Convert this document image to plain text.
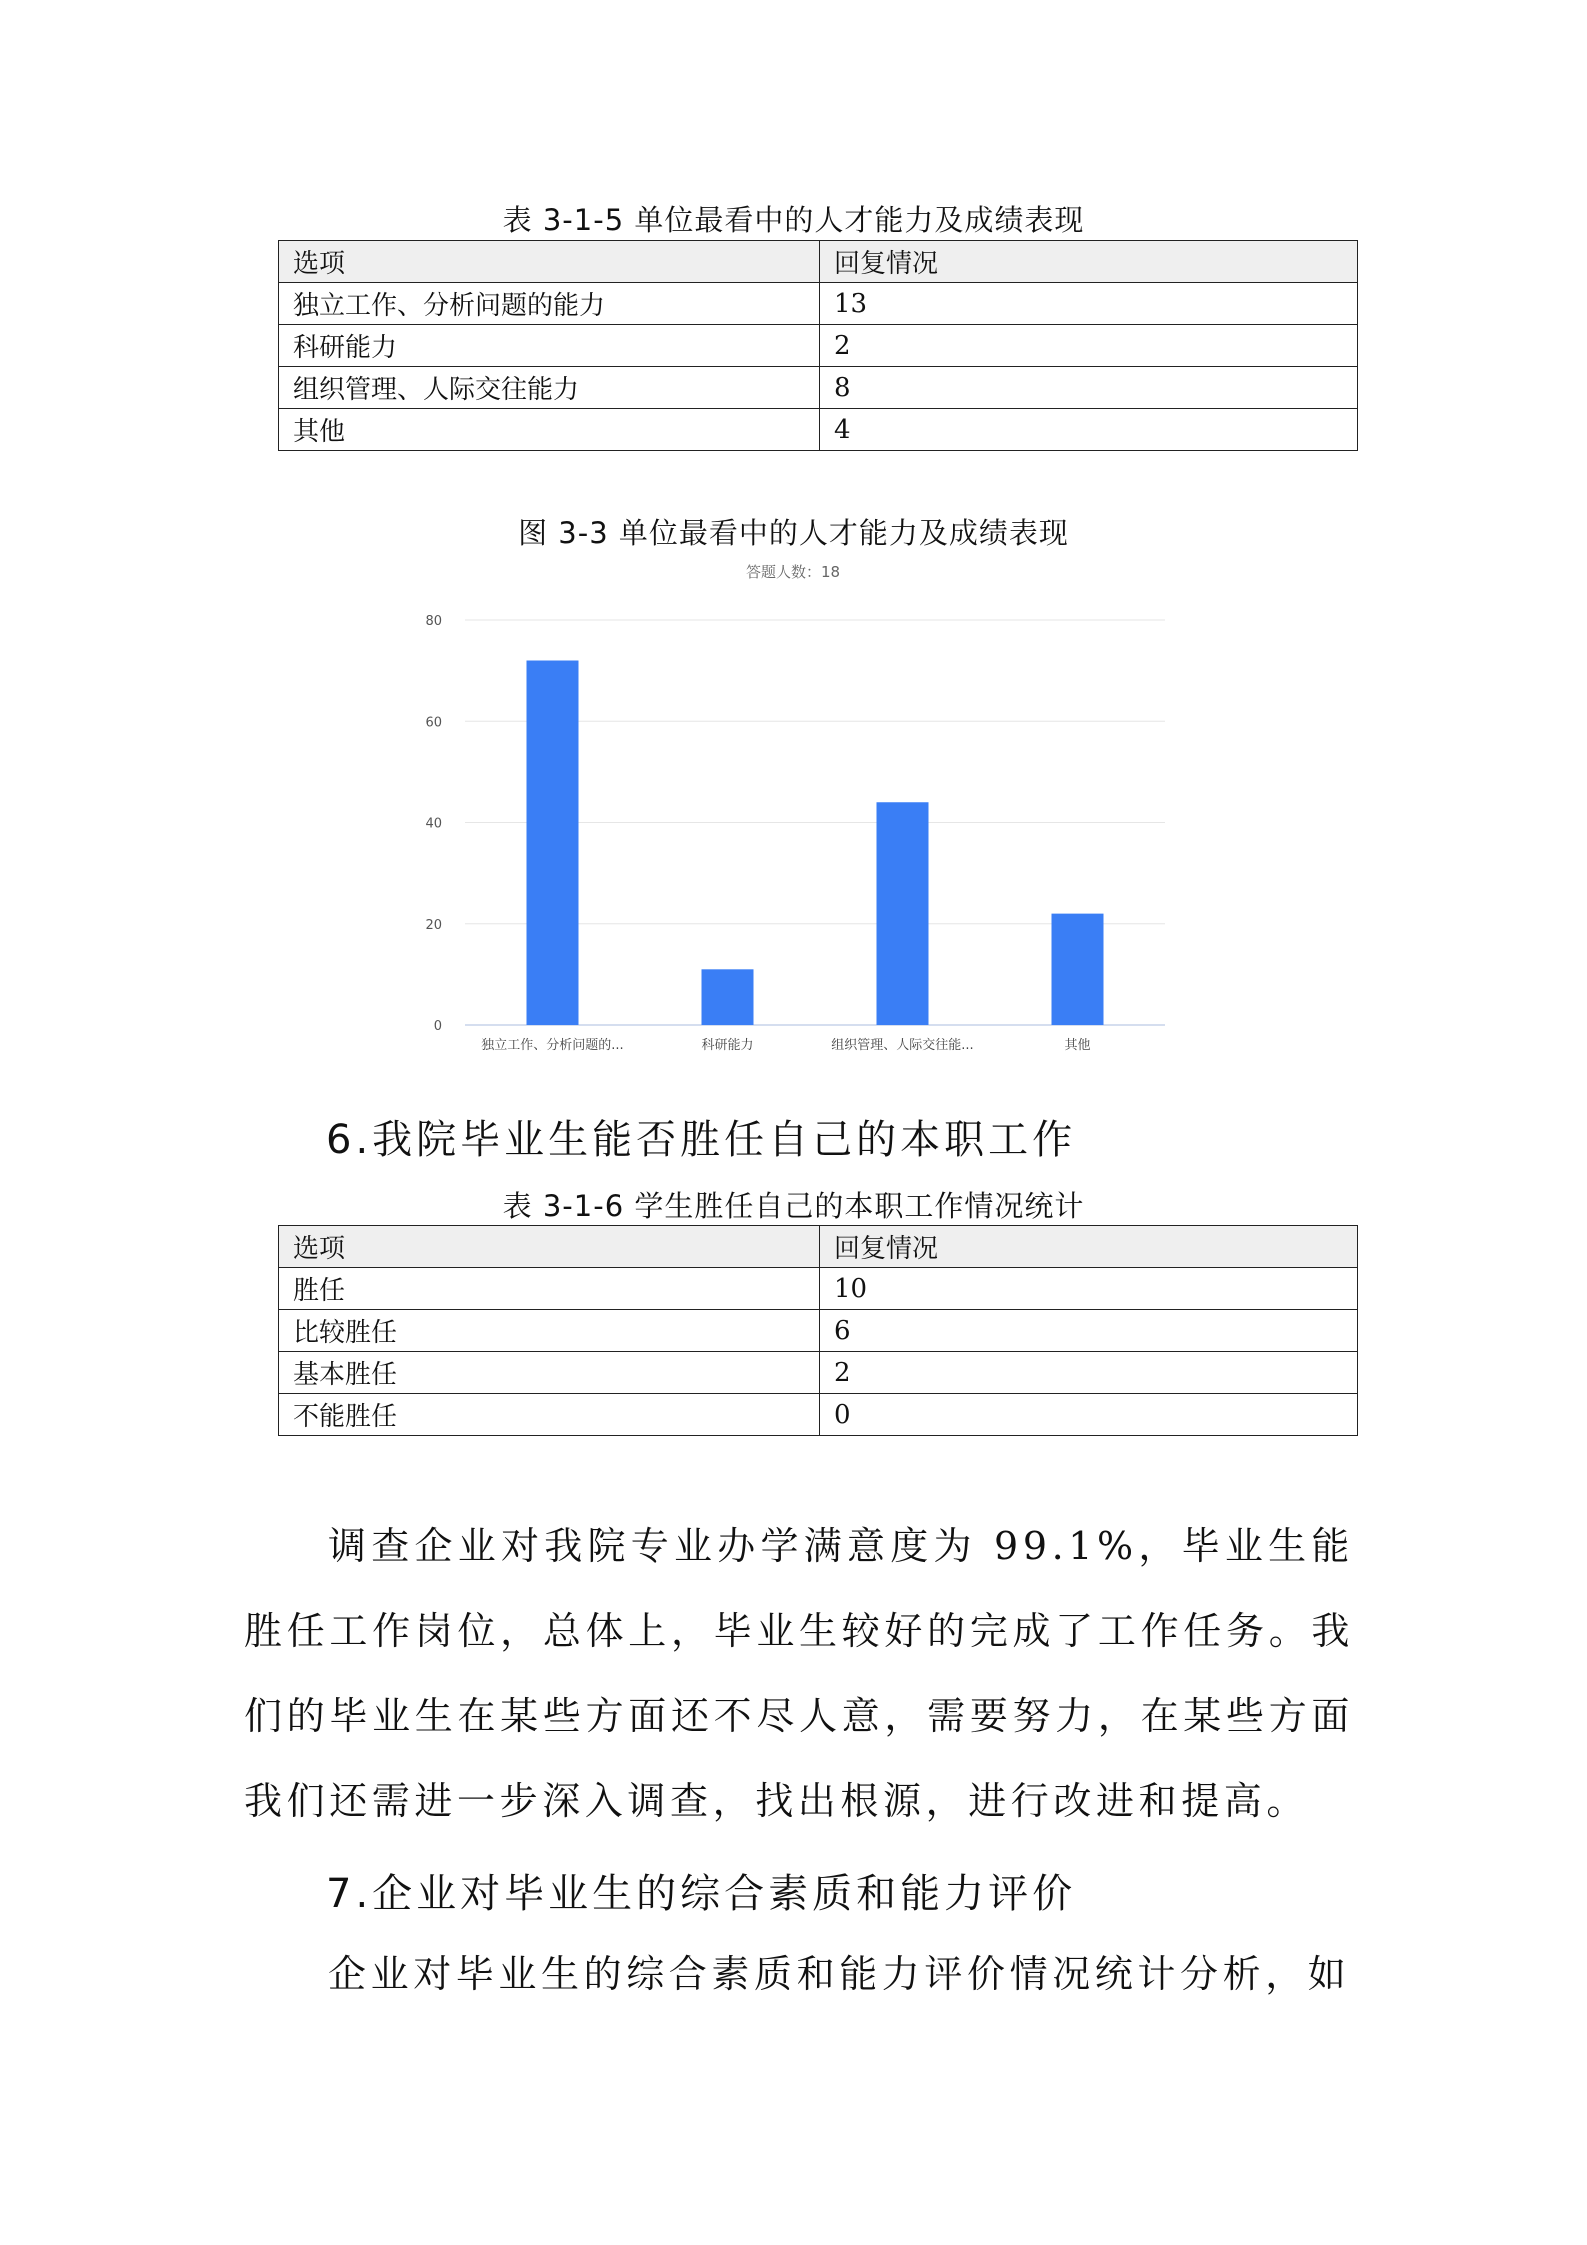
表 3-1-5 单位最看中的人才能力及成绩表现
选项	回复情况
独立工作、分析问题的能力	13
科研能力	2
组织管理、人际交往能力	8
其他	4
图 3-3 单位最看中的人才能力及成绩表现
答题人数：18
0
20
40
60
80
独立工作、分析问题的...	科研能力	组织管理、人际交往能...	其他
6.我院毕业生能否胜任自己的本职工作
表 3-1-6 学生胜任自己的本职工作情况统计
选项	回复情况
胜任	10
比较胜任	6
基本胜任	2
不能胜任	0
调查企业对我院专业办学满意度为 99.1%，毕业生能胜任工作岗位，总体上，毕业生较好的完成了工作任务。我们的毕业生在某些方面还不尽人意，需要努力，在某些方面我们还需进一步深入调查，找出根源，进行改进和提高。
7.企业对毕业生的综合素质和能力评价
企业对毕业生的综合素质和能力评价情况统计分析，如
